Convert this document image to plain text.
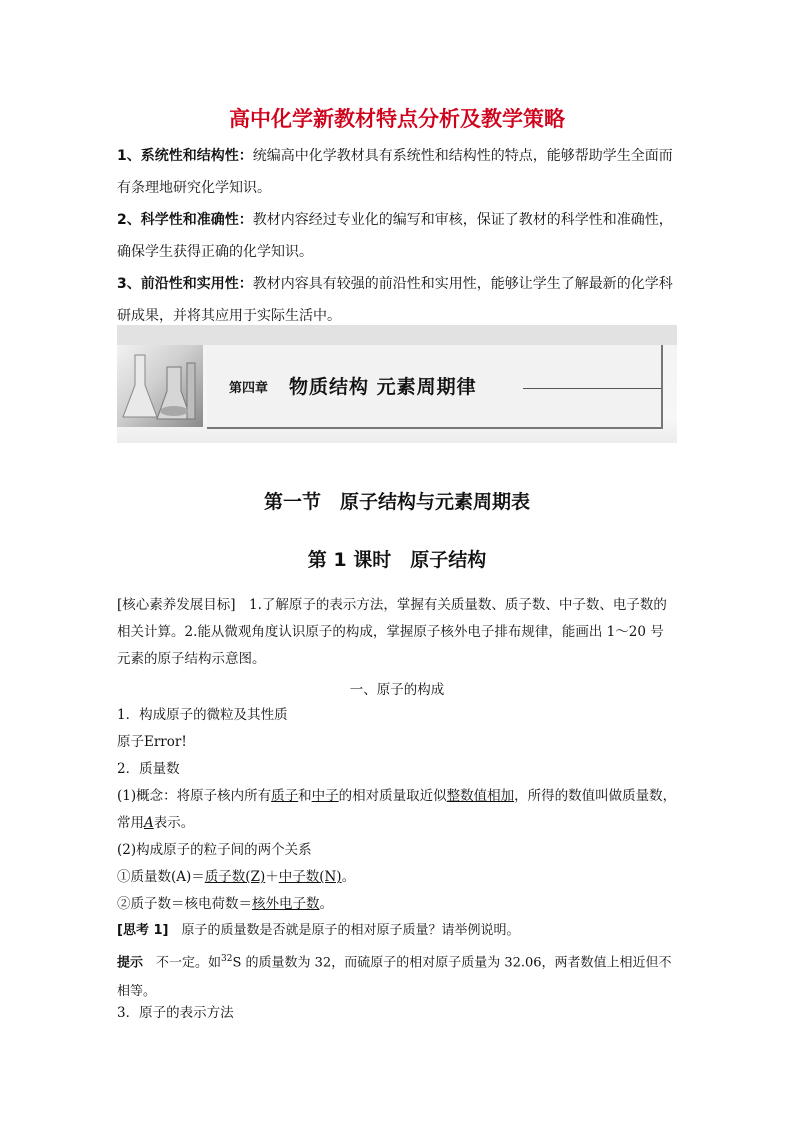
高中化学新教材特点分析及教学策略
1、系统性和结构性：统编高中化学教材具有系统性和结构性的特点，能够帮助学生全面而有条理地研究化学知识。
2、科学性和准确性：教材内容经过专业化的编写和审核，保证了教材的科学性和准确性，确保学生获得正确的化学知识。
3、前沿性和实用性：教材内容具有较强的前沿性和实用性，能够让学生了解最新的化学科研成果，并将其应用于实际生活中。
第四章 物质结构 元素周期律
第一节　原子结构与元素周期表
第 1 课时　原子结构
[核心素养发展目标]　1.了解原子的表示方法，掌握有关质量数、质子数、中子数、电子数的相关计算。2.能从微观角度认识原子的构成，掌握原子核外电子排布规律，能画出 1～20 号元素的原子结构示意图。
一、原子的构成
1．构成原子的微粒及其性质
原子Error!
2．质量数
(1)概念：将原子核内所有质子和中子的相对质量取近似整数值相加，所得的数值叫做质量数，常用A表示。
(2)构成原子的粒子间的两个关系
①质量数(A)＝质子数(Z)＋中子数(N)。
②质子数＝核电荷数＝核外电子数。
[思考 1]　原子的质量数是否就是原子的相对原子质量？请举例说明。
提示　不一定。如$^{32}$S 的质量数为 32，而硫原子的相对原子质量为 32.06，两者数值上相近但不相等。
3．原子的表示方法
